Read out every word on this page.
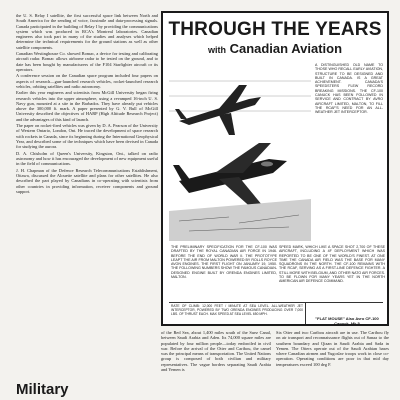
the U. S. Relay I satellite, the first successful space link between North and South America for the sending of voice, facsimile and data-processing signals. Canada participated in the building of Relay I by providing the communications system which was produced in RCA's Montreal laboratories. Canadian engineers also took part in many of the studies and analyses which helped determine the technical requirements for the ground stations as well as other satellite components.

Canadian Westinghouse Co. showed Bomac, a device for testing and calibrating aircraft radar. Bomac allows airborne radar to be tested on the ground, and to date has been bought by manufacturers of the F104 Starfighter aircraft or its operators.

A conference session on the Canadian space program included four papers on aspects of research—gun-launched research vehicles, rocket-launched research vehicles, orbiting satellites and radio astronomy.

Earlier this year engineers and scientists from McGill University began firing research vehicles into the upper atmosphere, using a revamped 16-inch U. S. Navy gun, mounted at a site in the Barbados. They have already put vehicles above the 300,000 ft. mark. A paper presented by G. V. Bull of McGill University described the objectives of HARP (High Altitude Research Project) and the advantages of this kind of launch.

The paper on rocket-fired vehicles was given by D. A. Pearson of the University of Western Ontario, London, Ont. He traced the development of space research with rockets in Canada, since its beginning during the International Geophysical Year, and described some of the techniques which have been devised in Canada for studying the aurora.

D. A. Chisholm of Queen's University, Kingston, Ont., talked on radio astronomy and how it has encouraged the development of new equipment useful in the field of communications.

J. H. Chapman of the Defence Research Telecommunications Establishment, Ottawa, discussed the Alouette satellite and plans for other satellites. He also described the part played by Canadians in co-operating with scientists from other countries in providing information, receiver components and ground support.

Military
THROUGH THE YEARS
with Canadian Aviation
A DISTINGUISHED OLD NAME TO THOSE WHO RECALL EARLY AVIATION, STRUCTURE TO BE DESIGNED AND BUILT IN CANADA. IS A GREAT ACHIEVEMENT. CANADA'S SPEEDSTERS FLEW RECORD BREAKING MISSIONS. THE CF-100 CANUCK HAS BEEN FOLLOWED IN SERVICE AND CONTRACT BY AVRO AIRCRAFT LIMITED, MALTON, TO FILL THE RCAF'S NEED FOR AN ALL-WEATHER JET INTERCEPTOR.
THE PRELIMINARY SPECIFICATION FOR THE CF-100 WAS DRAFTED BY THE ROYAL CANADIAN AIR FORCE IN 1946. BEFORE THE END OF WORLD WAR II. THE PROTOTYPE LEAPT THE AIR FROM MALTON POWERED BY ROLLS ROYCE AVON ENGINES. THE FIRST FLIGHT ON JANUARY 19, 1950. THE FOLLOWING NUMBERS SHOW THE FAMOUS CANADIAN-DESIGNED ENGINE BUILT BY ORENDA ENGINES LIMITED, MALTON.
SPEED MARK, WHICH LIKE A SPACE SHOT 2,700 OF THESE AIRCRAFT, INCLUDING A 4F DEPLOYMENT WHICH WAS REPORTED TO BE ONE OF THE WORLD'S FINEST. AT ONE TIME THE CANADA AIR FIELD WAS THE BASE FOR MANY SQUADRONS IN THE NORTH. THE CF-100 REMAINS WITH THE RCAF, SERVING AS A FIRST-LINE DEFENCE FIGHTER. A STILL MORE WITH BELGIUM, AND OTHER NATO AIR FORCES. TO BE FLOWN FOR MANY YEARS YET IN THE NORTH AMERICAN AIR DEFENCE COMMAND.
RATE OF CLIMB: 12,000 FEET / MINUTE AT SEA LEVEL. ALL-WEATHER JET INTERCEPTOR, POWERED BY TWO ORENDA ENGINES PRODUCING OVER 7,000 LBS. OF THRUST EACH. MAX SPEED AT SEA LEVEL 650 MPH.
"FLAT MOUSE" Also Avro CF-100 Canuck, Mk 5
of the Red Sea, about 1,400 miles south of the Suez Canal, between Saudi Arabia and Aden. Its 74,000 square miles are populated by four million people—today embroiled in civil war. Before the arrival of the Otter and Caribou, the camel was the principal means of transportation. The United Nations group is composed of both civilian and military representatives. The vague borders separating Saudi Arabia and Yemen is
Six Otter and two Caribou aircraft are in use. The Caribou fly on air transport and reconnaissance flights out of Sanaa to the southern boundary and Qizan in Saudi Arabia and Sada in Yemen. The Otters operate out of the Saudi Arabian bases where Canadian airmen and Yugoslav troops work in close co-operation. Operating conditions are poor in that mid day temperatures exceed 100 deg F.
